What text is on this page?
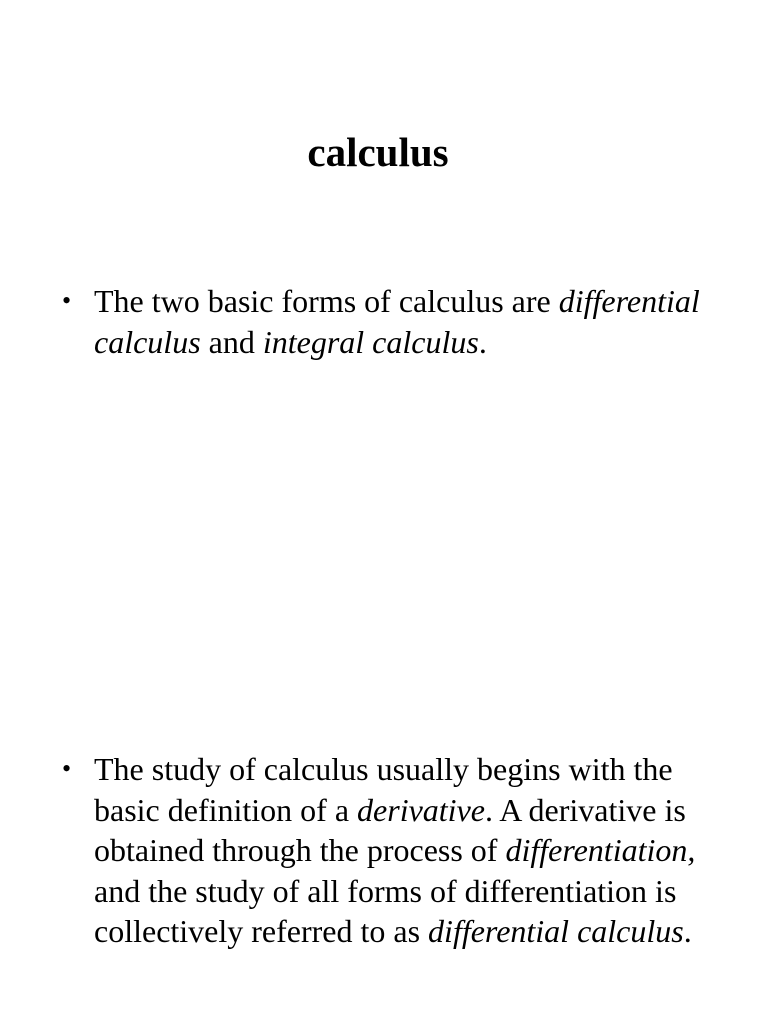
calculus
• The two basic forms of calculus are differential calculus and integral calculus.
• The study of calculus usually begins with the basic definition of a derivative. A derivative is obtained through the process of differentiation, and the study of all forms of differentiation is collectively referred to as differential calculus.
